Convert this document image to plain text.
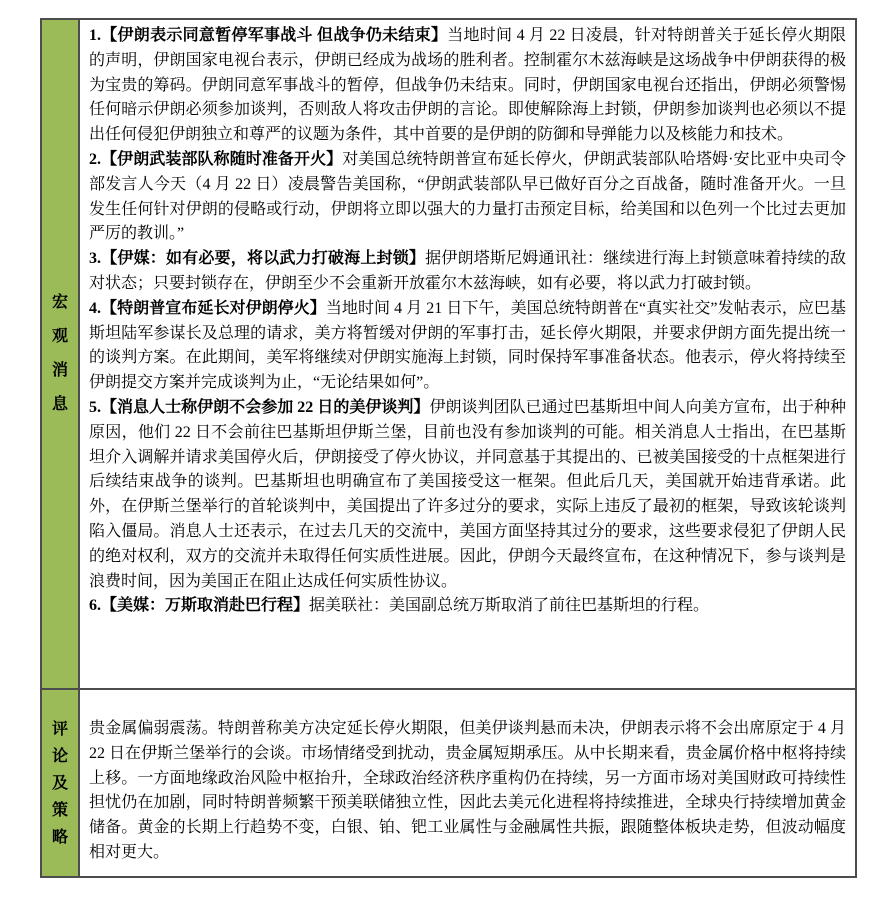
宏观消息

1.【伊朗表示同意暂停军事战斗 但战争仍未结束】当地时间 4 月 22 日凌晨，针对特朗普关于延长停火期限的声明，伊朗国家电视台表示，伊朗已经成为战场的胜利者。控制霍尔木兹海峡是这场战争中伊朗获得的极为宝贵的筹码。伊朗同意军事战斗的暂停，但战争仍未结束。同时，伊朗国家电视台还指出，伊朗必须警惕任何暗示伊朗必须参加谈判，否则敌人将攻击伊朗的言论。即使解除海上封锁，伊朗参加谈判也必须以不提出任何侵犯伊朗独立和尊严的议题为条件，其中首要的是伊朗的防御和导弹能力以及核能力和技术。

2.【伊朗武装部队称随时准备开火】对美国总统特朗普宣布延长停火，伊朗武装部队哈塔姆·安比亚中央司令部发言人今天（4 月 22 日）凌晨警告美国称，“伊朗武装部队早已做好百分之百战备，随时准备开火。一旦发生任何针对伊朗的侵略或行动，伊朗将立即以强大的力量打击预定目标，给美国和以色列一个比过去更加严厉的教训。”

3.【伊媒：如有必要，将以武力打破海上封锁】据伊朗塔斯尼姆通讯社：继续进行海上封锁意味着持续的敌对状态；只要封锁存在，伊朗至少不会重新开放霍尔木兹海峡，如有必要，将以武力打破封锁。

4.【特朗普宣布延长对伊朗停火】当地时间 4 月 21 日下午，美国总统特朗普在“真实社交”发帖表示，应巴基斯坦陆军参谋长及总理的请求，美方将暂缓对伊朗的军事打击，延长停火期限，并要求伊朗方面先提出统一的谈判方案。在此期间，美军将继续对伊朗实施海上封锁，同时保持军事准备状态。他表示，停火将持续至伊朗提交方案并完成谈判为止，“无论结果如何”。

5.【消息人士称伊朗不会参加 22 日的美伊谈判】伊朗谈判团队已通过巴基斯坦中间人向美方宣布，出于种种原因，他们 22 日不会前往巴基斯坦伊斯兰堡，目前也没有参加谈判的可能。相关消息人士指出，在巴基斯坦介入调解并请求美国停火后，伊朗接受了停火协议，并同意基于其提出的、已被美国接受的十点框架进行后续结束战争的谈判。巴基斯坦也明确宣布了美国接受这一框架。但此后几天，美国就开始违背承诺。此外，在伊斯兰堡举行的首轮谈判中，美国提出了许多过分的要求，实际上违反了最初的框架，导致该轮谈判陷入僵局。消息人士还表示，在过去几天的交流中，美国方面坚持其过分的要求，这些要求侵犯了伊朗人民的绝对权利，双方的交流并未取得任何实质性进展。因此，伊朗今天最终宣布，在这种情况下，参与谈判是浪费时间，因为美国正在阻止达成任何实质性协议。

6.【美媒：万斯取消赴巴行程】据美联社：美国副总统万斯取消了前往巴基斯坦的行程。

评论及策略

贵金属偏弱震荡。特朗普称美方决定延长停火期限，但美伊谈判悬而未决，伊朗表示将不会出席原定于 4 月 22 日在伊斯兰堡举行的会谈。市场情绪受到扰动，贵金属短期承压。从中长期来看，贵金属价格中枢将持续上移。一方面地缘政治风险中枢抬升，全球政治经济秩序重构仍在持续，另一方面市场对美国财政可持续性担忧仍在加剧，同时特朗普频繁干预美联储独立性，因此去美元化进程将持续推进，全球央行持续增加黄金储备。黄金的长期上行趋势不变，白银、铂、钯工业属性与金融属性共振，跟随整体板块走势，但波动幅度相对更大。
